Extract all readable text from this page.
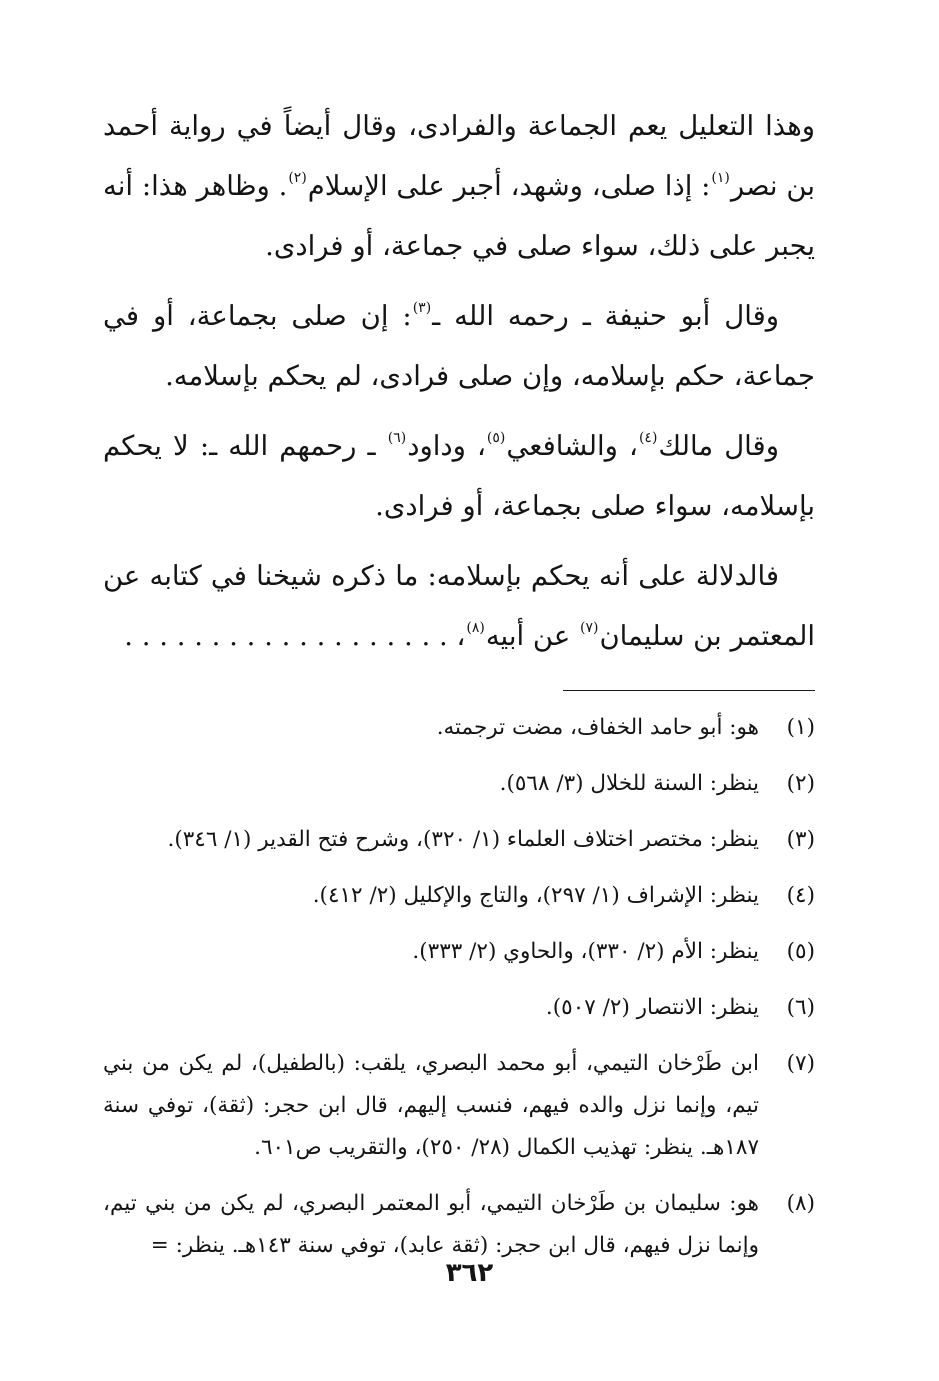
وهذا التعليل يعم الجماعة والفرادى، وقال أيضاً في رواية أحمد بن نصر$^{(١)}$: إذا صلى، وشهد، أجبر على الإسلام$^{(٢)}$. وظاهر هذا: أنه يجبر على ذلك، سواء صلى في جماعة، أو فرادى.

وقال أبو حنيفة ـ رحمه الله ـ$^{(٣)}$: إن صلى بجماعة، أو في جماعة، حكم بإسلامه، وإن صلى فرادى، لم يحكم بإسلامه.

وقال مالك$^{(٤)}$، والشافعي$^{(٥)}$، وداود$^{(٦)}$ ـ رحمهم الله ـ: لا يحكم بإسلامه، سواء صلى بجماعة، أو فرادى.

فالدلالة على أنه يحكم بإسلامه: ما ذكره شيخنا في كتابه عن المعتمر بن سليمان$^{(٧)}$ عن أبيه$^{(٨)}$، . . . . . . . . . . . . . . . . . . .

(١)
هو: أبو حامد الخفاف، مضت ترجمته.
(٢)
ينظر: السنة للخلال (٣/ ٥٦٨).
(٣)
ينظر: مختصر اختلاف العلماء (١/ ٣٢٠)، وشرح فتح القدير (١/ ٣٤٦).
(٤)
ينظر: الإشراف (١/ ٢٩٧)، والتاج والإكليل (٢/ ٤١٢).
(٥)
ينظر: الأم (٢/ ٣٣٠)، والحاوي (٢/ ٣٣٣).
(٦)
ينظر: الانتصار (٢/ ٥٠٧).
(٧)
ابن طَرْخان التيمي، أبو محمد البصري، يلقب: (بالطفيل)، لم يكن من بني تيم، وإنما نزل والده فيهم، فنسب إليهم، قال ابن حجر: (ثقة)، توفي سنة ١٨٧هـ. ينظر: تهذيب الكمال (٢٨/ ٢٥٠)، والتقريب ص٦٠١.
(٨)
هو: سليمان بن طَرْخان التيمي، أبو المعتمر البصري، لم يكن من بني تيم، وإنما نزل فيهم، قال ابن حجر: (ثقة عابد)، توفي سنة ١٤٣هـ. ينظر: =
٣٦٢
